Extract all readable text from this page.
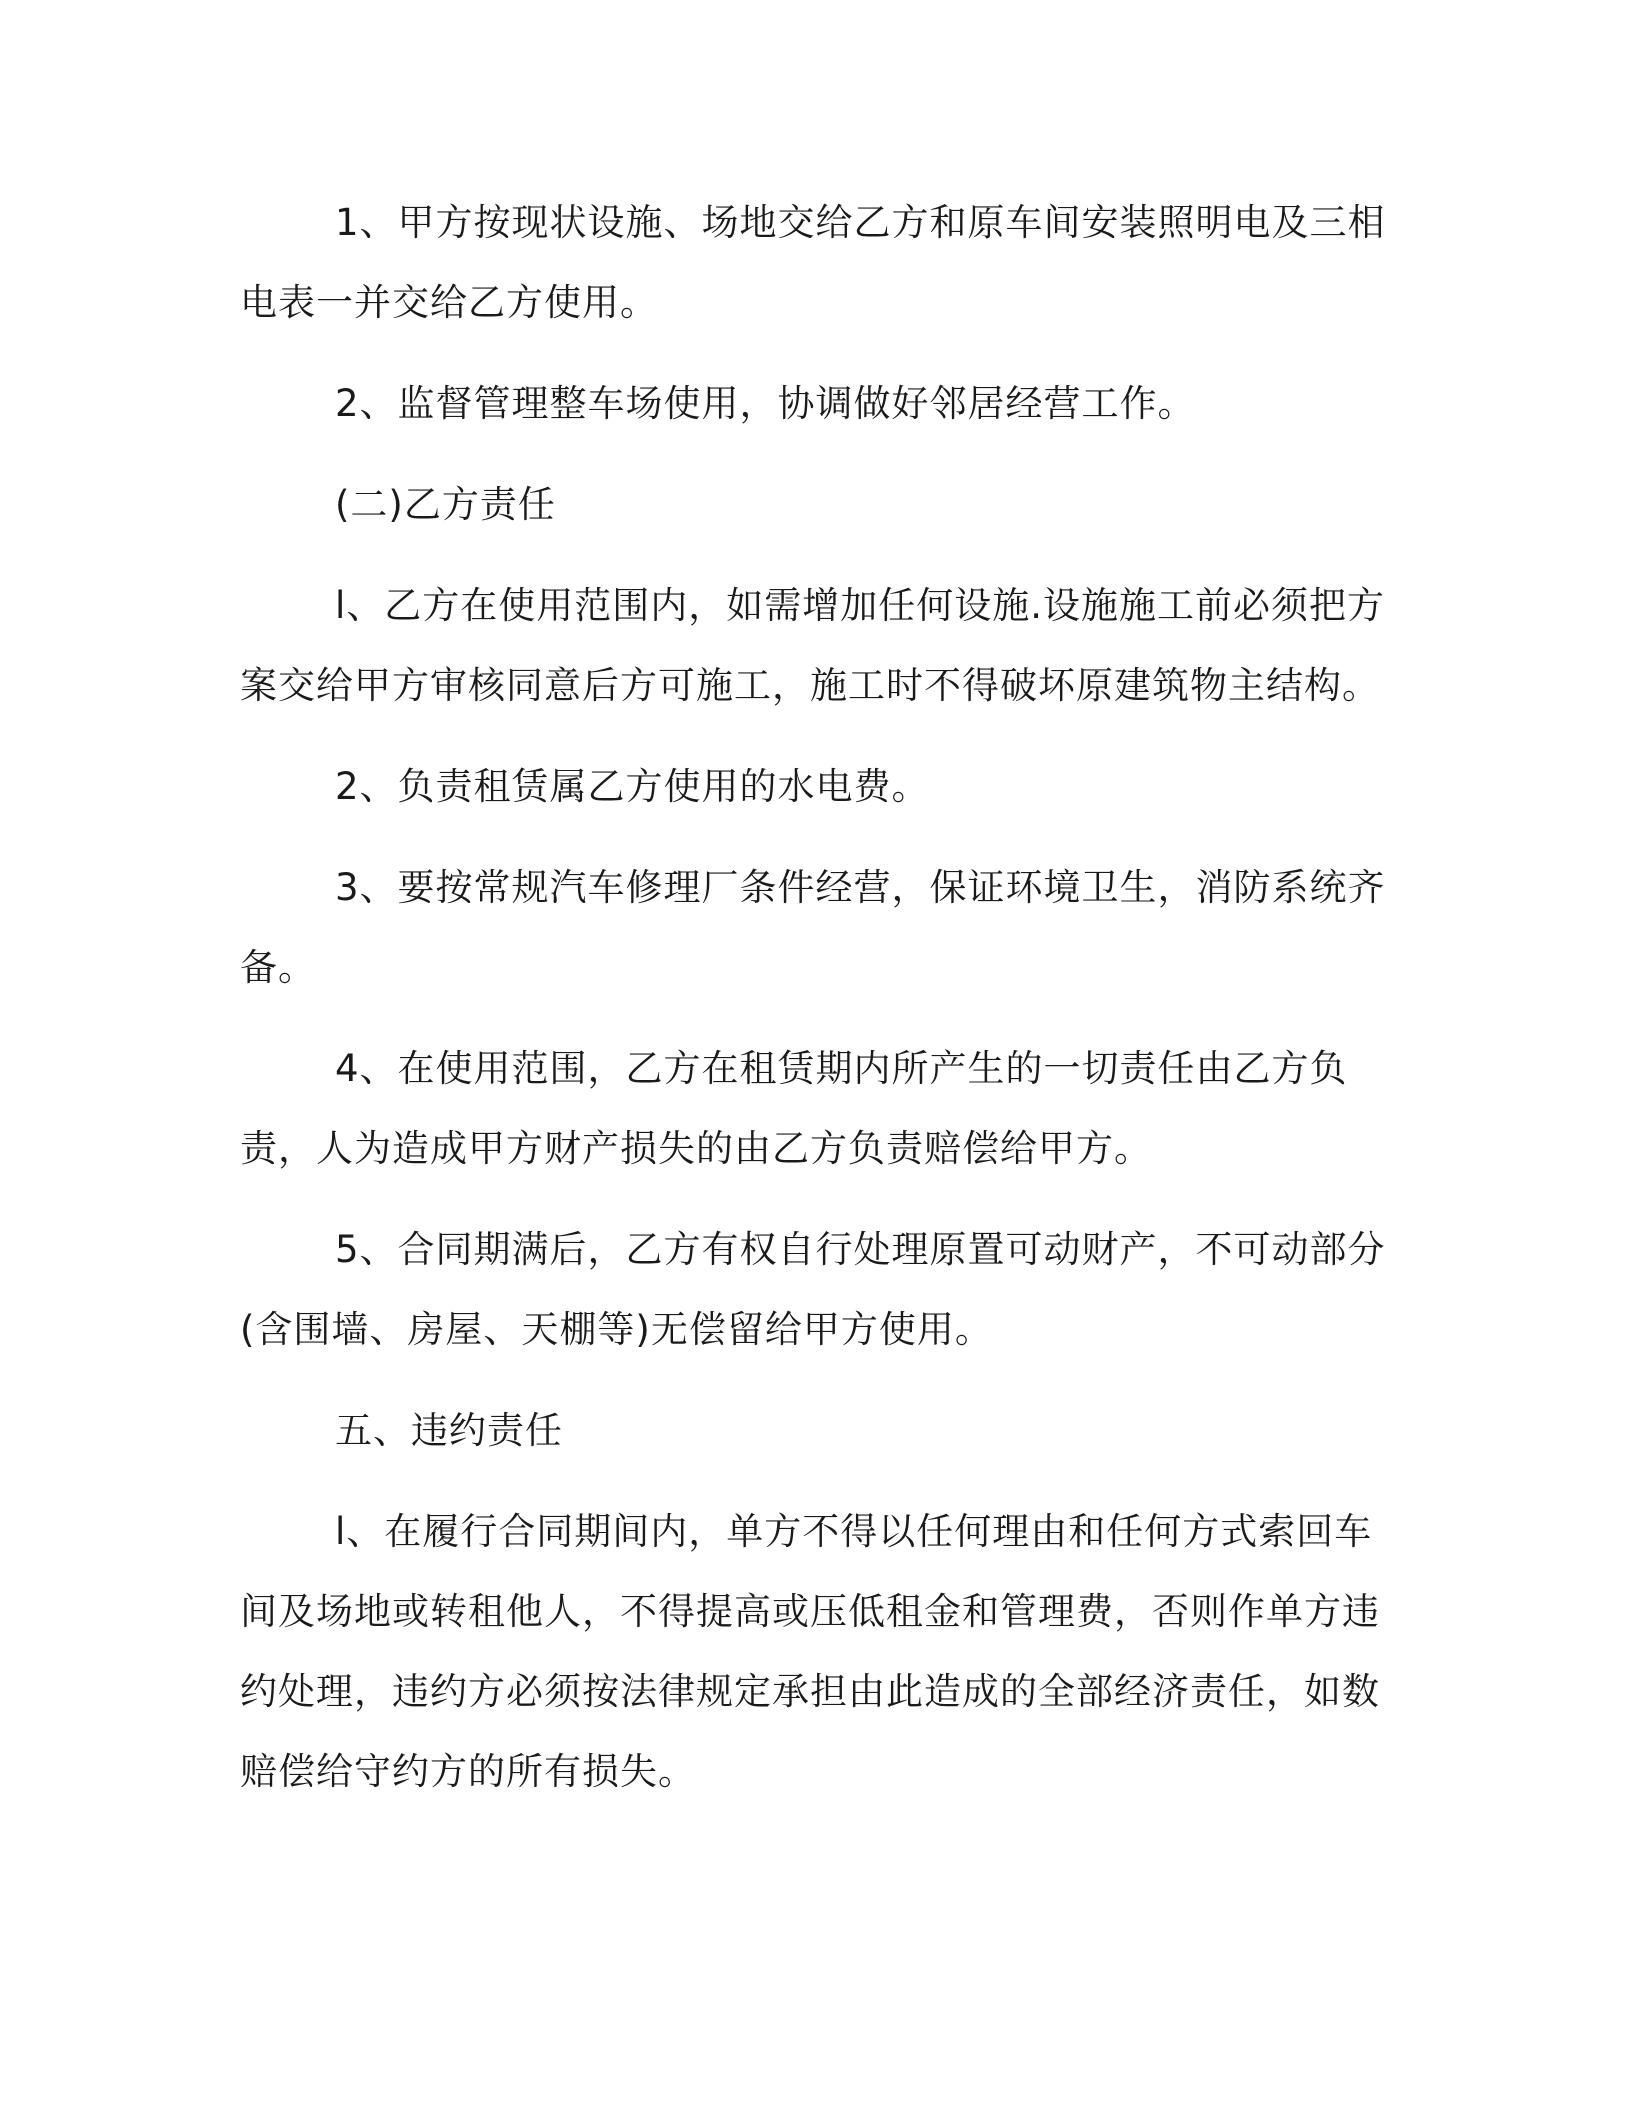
1、甲方按现状设施、场地交给乙方和原车间安装照明电及三相电表一并交给乙方使用。

2、监督管理整车场使用，协调做好邻居经营工作。

(二)乙方责任

l、乙方在使用范围内，如需增加任何设施.设施施工前必须把方案交给甲方审核同意后方可施工，施工时不得破坏原建筑物主结构。

2、负责租赁属乙方使用的水电费。

3、要按常规汽车修理厂条件经营，保证环境卫生，消防系统齐备。

4、在使用范围，乙方在租赁期内所产生的一切责任由乙方负责，人为造成甲方财产损失的由乙方负责赔偿给甲方。

5、合同期满后，乙方有权自行处理原置可动财产，不可动部分(含围墙、房屋、天棚等)无偿留给甲方使用。

五、违约责任

l、在履行合同期间内，单方不得以任何理由和任何方式索回车间及场地或转租他人，不得提高或压低租金和管理费，否则作单方违约处理，违约方必须按法律规定承担由此造成的全部经济责任，如数赔偿给守约方的所有损失。
